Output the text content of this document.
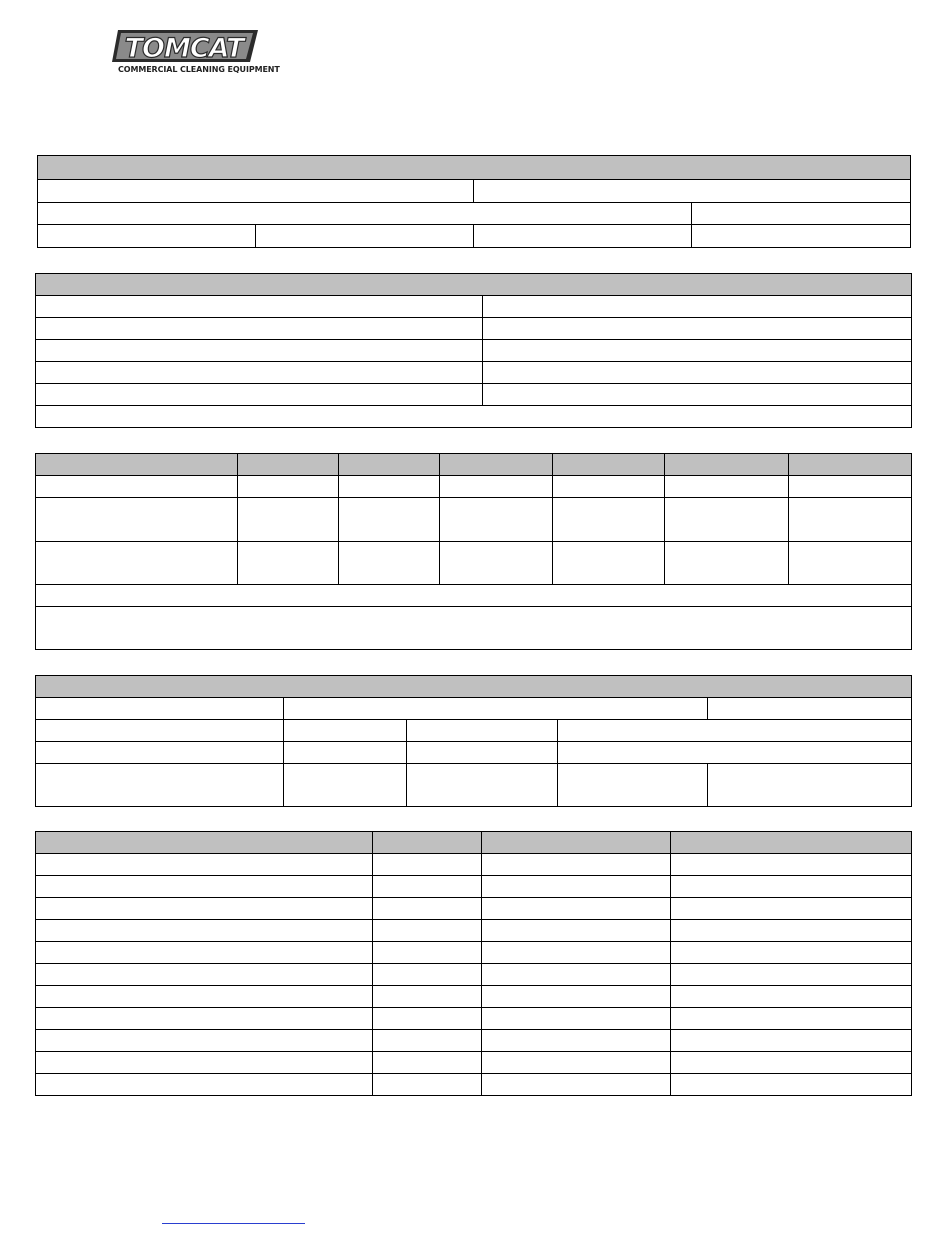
TOMCAT
COMMERCIAL CLEANING EQUIPMENT
